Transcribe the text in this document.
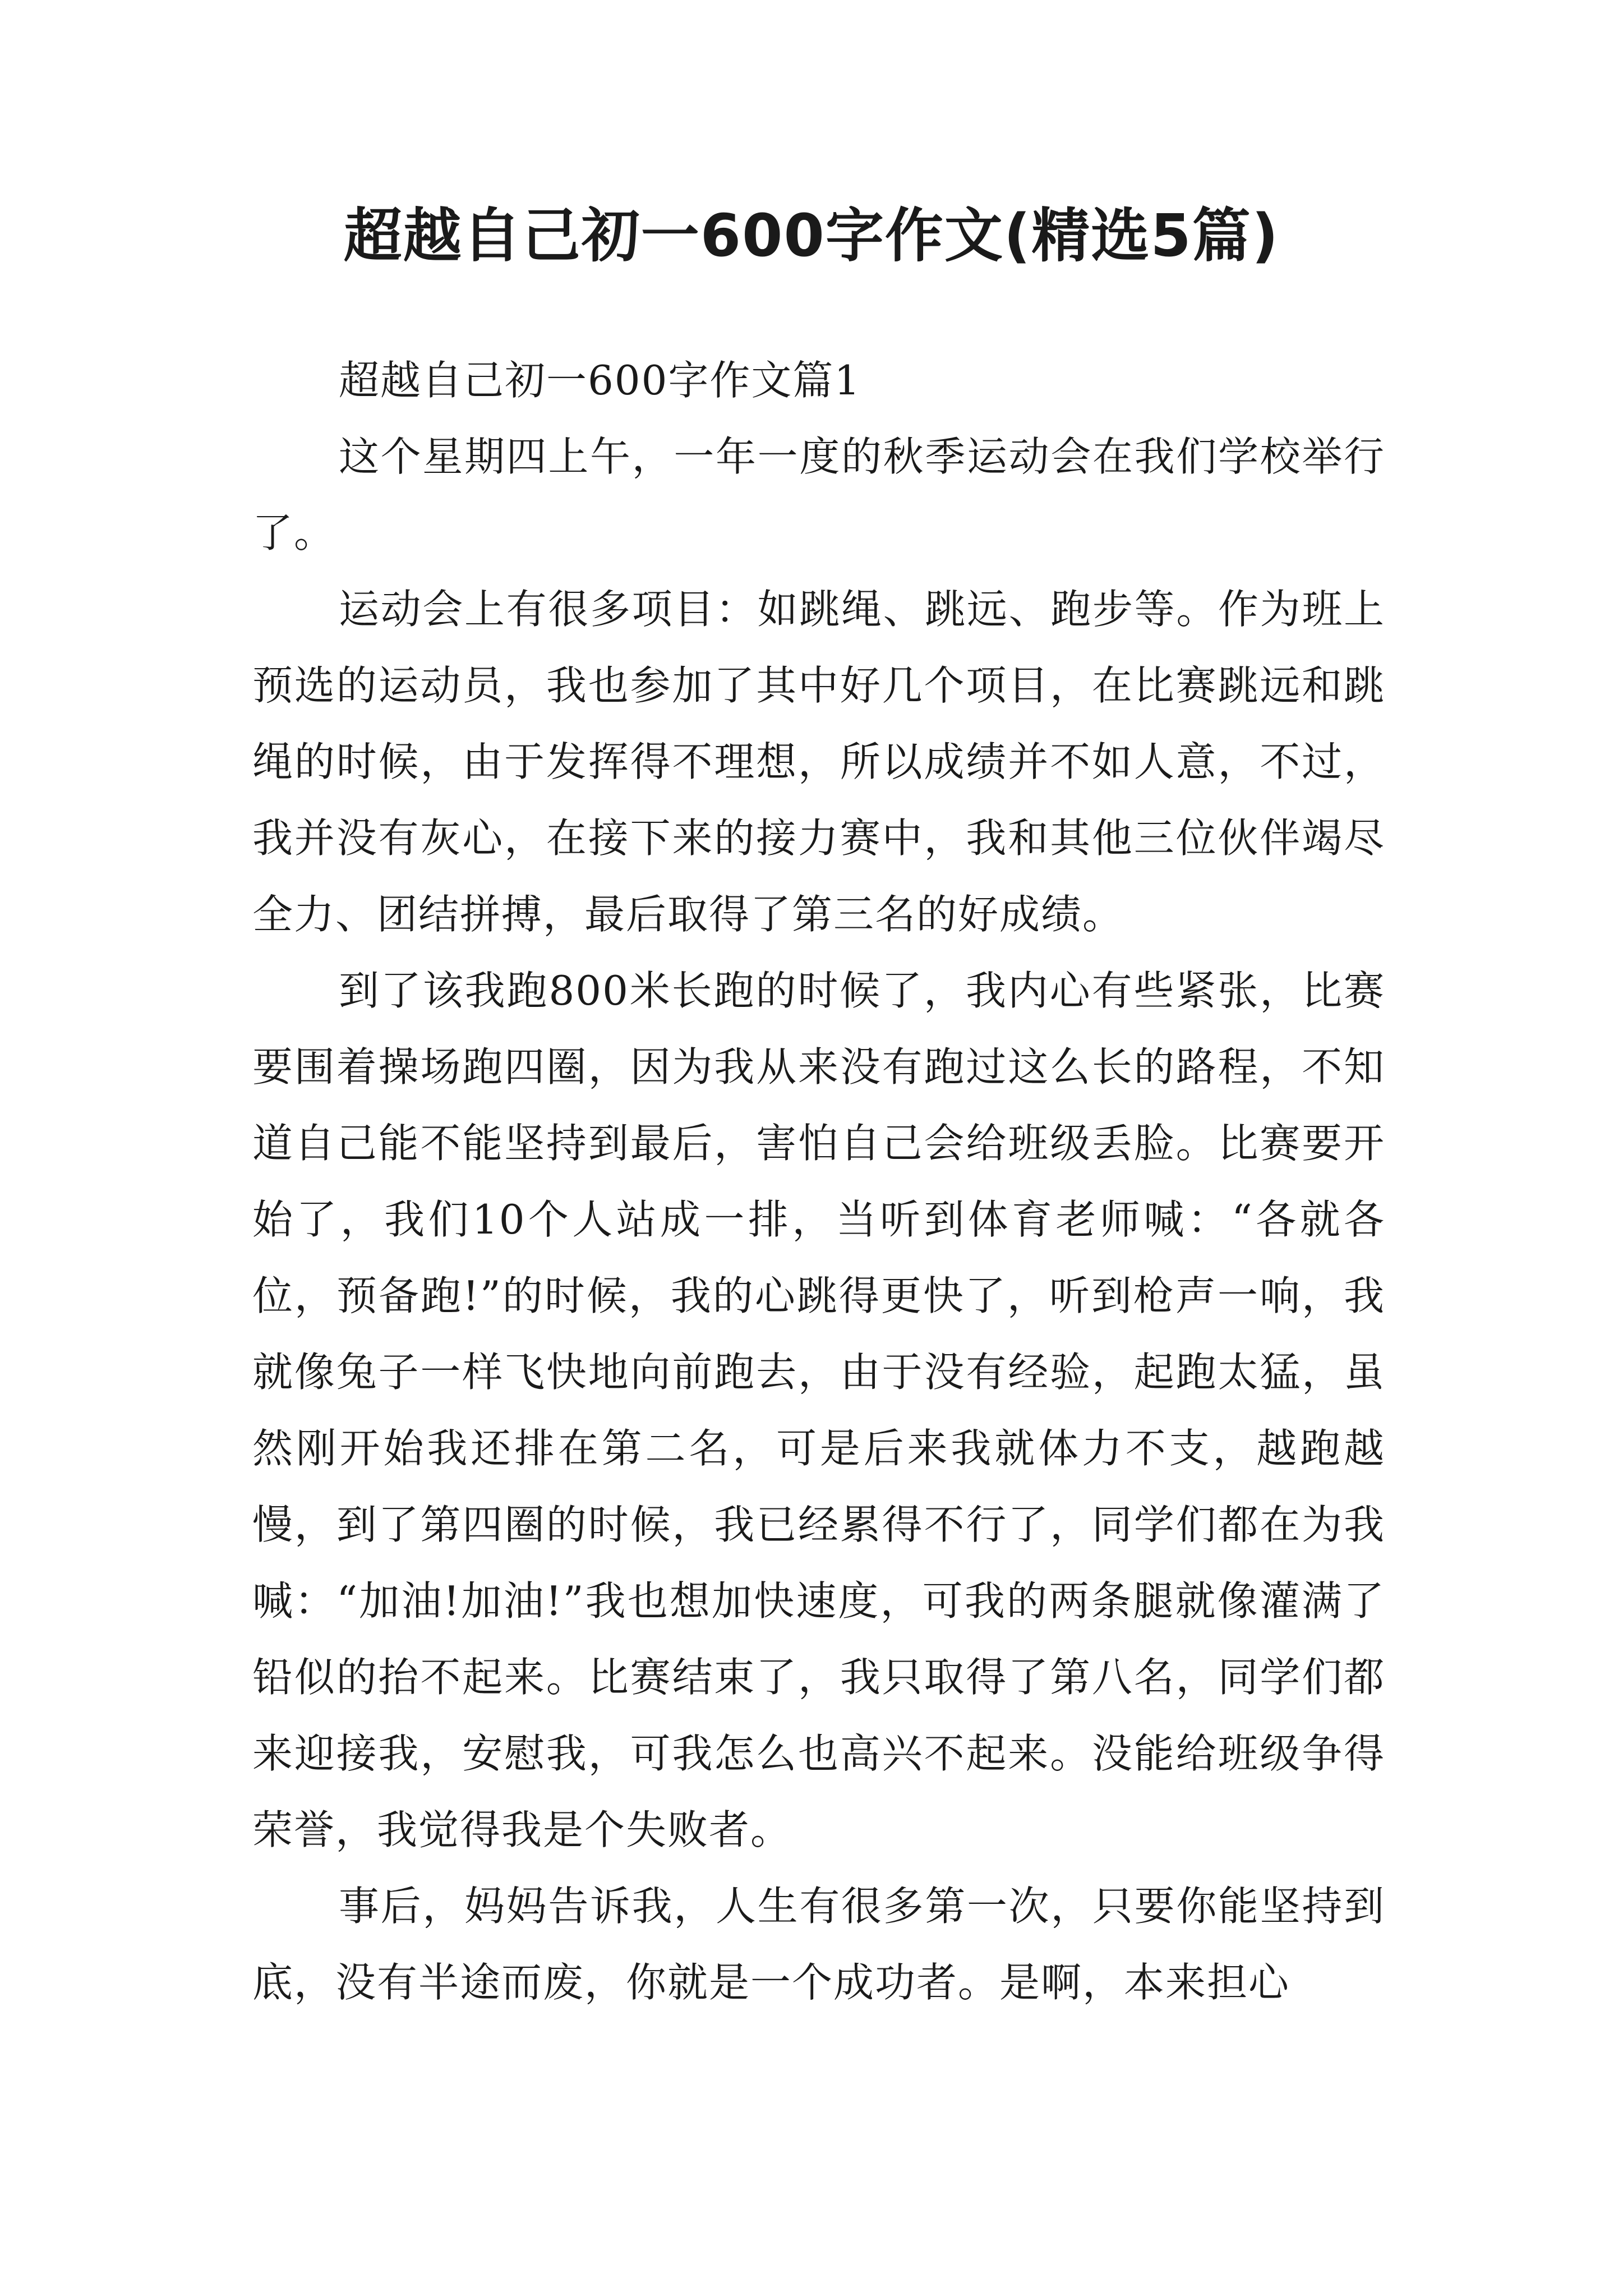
超越自己初一600字作文(精选5篇)

超越自己初一600字作文篇1

这个星期四上午，一年一度的秋季运动会在我们学校举行了。

运动会上有很多项目：如跳绳、跳远、跑步等。作为班上预选的运动员，我也参加了其中好几个项目，在比赛跳远和跳绳的时候，由于发挥得不理想，所以成绩并不如人意，不过，我并没有灰心，在接下来的接力赛中，我和其他三位伙伴竭尽全力、团结拼搏，最后取得了第三名的好成绩。

到了该我跑800米长跑的时候了，我内心有些紧张，比赛要围着操场跑四圈，因为我从来没有跑过这么长的路程，不知道自己能不能坚持到最后，害怕自己会给班级丢脸。比赛要开始了，我们10个人站成一排，当听到体育老师喊：“各就各位，预备跑!”的时候，我的心跳得更快了，听到枪声一响，我就像兔子一样飞快地向前跑去，由于没有经验，起跑太猛，虽然刚开始我还排在第二名，可是后来我就体力不支，越跑越慢，到了第四圈的时候，我已经累得不行了，同学们都在为我喊：“加油!加油!”我也想加快速度，可我的两条腿就像灌满了铅似的抬不起来。比赛结束了，我只取得了第八名，同学们都来迎接我，安慰我，可我怎么也高兴不起来。没能给班级争得荣誉，我觉得我是个失败者。

事后，妈妈告诉我，人生有很多第一次，只要你能坚持到底，没有半途而废，你就是一个成功者。是啊，本来担心
